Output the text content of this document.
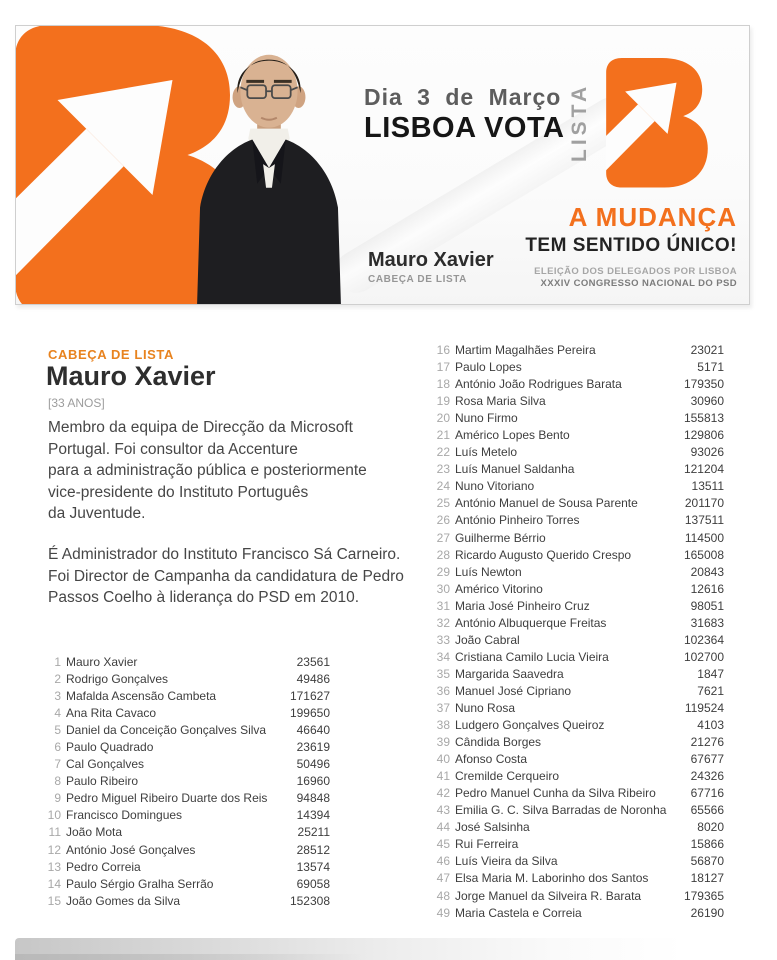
Dia 3 de Março
LISBOA VOTA
Mauro Xavier
CABEÇA DE LISTA
LISTA
A MUDANÇA
TEM SENTIDO ÚNICO!
ELEIÇÃO DOS DELEGADOS POR LISBOA
XXXIV CONGRESSO NACIONAL DO PSD
CABEÇA DE LISTA
Mauro Xavier
[33 ANOS]
Membro da equipa de Direcção da Microsoft
Portugal. Foi consultor da Accenture
para a administração pública e posteriormente
vice-presidente do Instituto Português
da Juventude.
É Administrador do Instituto Francisco Sá Carneiro.
Foi Director de Campanha da candidatura de Pedro
Passos Coelho à liderança do PSD em 2010.
1 Mauro Xavier	23561
2 Rodrigo Gonçalves	49486
3 Mafalda Ascensão Cambeta	171627
4 Ana Rita Cavaco	199650
5 Daniel da Conceição Gonçalves Silva	46640
6 Paulo Quadrado	23619
7 Cal Gonçalves	50496
8 Paulo Ribeiro	16960
9 Pedro Miguel Ribeiro Duarte dos Reis	94848
10 Francisco Domingues	14394
11 João Mota	25211
12 António José Gonçalves	28512
13 Pedro Correia	13574
14 Paulo Sérgio Gralha Serrão	69058
15 João Gomes da Silva	152308
16 Martim Magalhães Pereira	23021
17 Paulo Lopes	5171
18 António João Rodrigues Barata	179350
19 Rosa Maria Silva	30960
20 Nuno Firmo	155813
21 Américo Lopes Bento	129806
22 Luís Metelo	93026
23 Luís Manuel Saldanha	121204
24 Nuno Vitoriano	13511
25 António Manuel de Sousa Parente	201170
26 António Pinheiro Torres	137511
27 Guilherme Bérrio	114500
28 Ricardo Augusto Querido Crespo	165008
29 Luís Newton	20843
30 Américo Vitorino	12616
31 Maria José Pinheiro Cruz	98051
32 António Albuquerque Freitas	31683
33 João Cabral	102364
34 Cristiana Camilo Lucia Vieira	102700
35 Margarida Saavedra	1847
36 Manuel José Cipriano	7621
37 Nuno Rosa	119524
38 Ludgero Gonçalves Queiroz	4103
39 Cândida Borges	21276
40 Afonso Costa	67677
41 Cremilde Cerqueiro	24326
42 Pedro Manuel Cunha da Silva Ribeiro	67716
43 Emilia G. C. Silva Barradas de Noronha	65566
44 José Salsinha	8020
45 Rui Ferreira	15866
46 Luís Vieira da Silva	56870
47 Elsa Maria M. Laborinho dos Santos	18127
48 Jorge Manuel da Silveira R. Barata	179365
49 Maria Castela e Correia	26190
